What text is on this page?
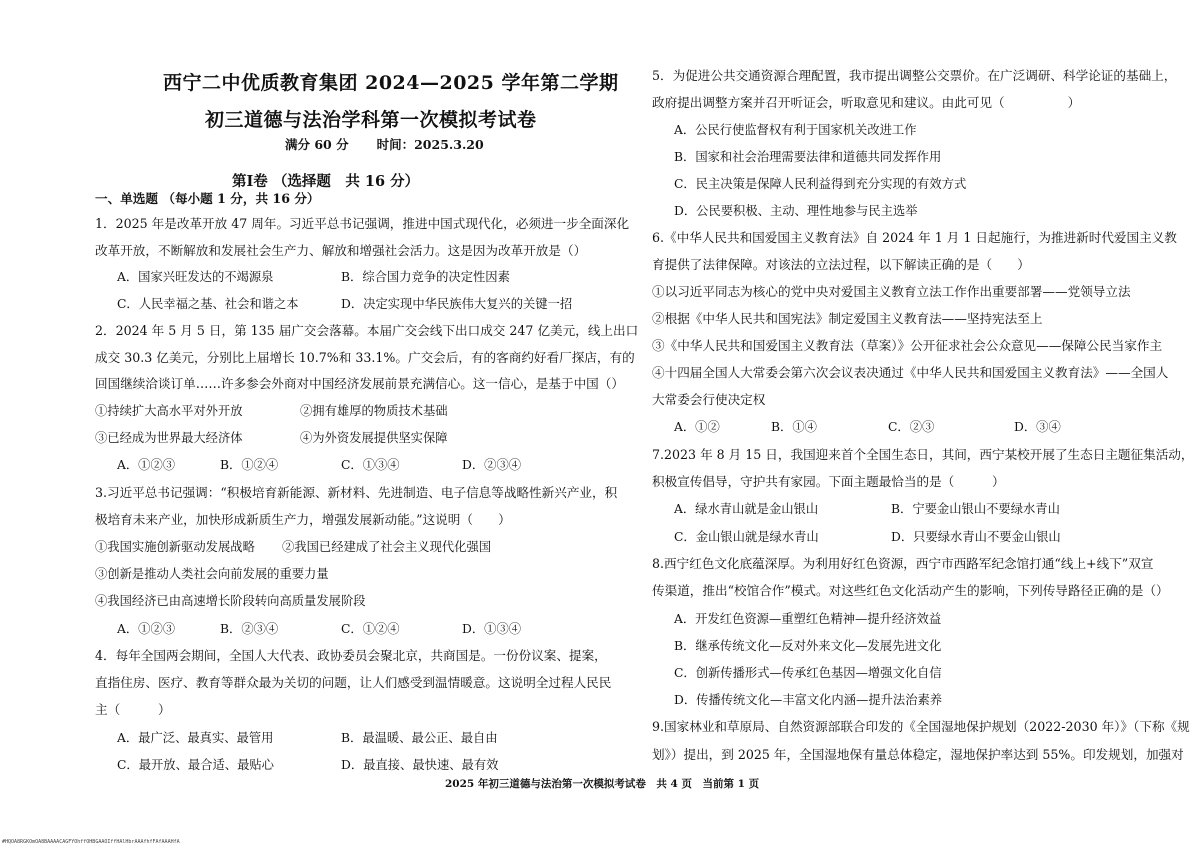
西宁二中优质教育集团 2024—2025 学年第二学期
初三道德与法治学科第一次模拟考试卷
满分 60 分 时间：2025.3.20
第Ⅰ卷 （选择题　共 16 分）
一、单选题 （每小题 1 分，共 16 分）
1．2025 年是改革开放 47 周年。习近平总书记强调，推进中国式现代化，必须进一步全面深化
改革开放，不断解放和发展社会生产力、解放和增强社会活力。这是因为改革开放是（）
A．国家兴旺发达的不竭源泉	B．综合国力竞争的决定性因素
C．人民幸福之基、社会和谐之本	D．决定实现中华民族伟大复兴的关键一招
2．2024 年 5 月 5 日，第 135 届广交会落幕。本届广交会线下出口成交 247 亿美元，线上出口
成交 30.3 亿美元，分别比上届增长 10.7%和 33.1%。广交会后，有的客商约好看厂探店，有的
回国继续洽谈订单……许多参会外商对中国经济发展前景充满信心。这一信心，是基于中国（）
①持续扩大高水平对外开放	②拥有雄厚的物质技术基础
③已经成为世界最大经济体	④为外资发展提供坚实保障
A．①②③	B．①②④	C．①③④	D．②③④
3.习近平总书记强调：“积极培育新能源、新材料、先进制造、电子信息等战略性新兴产业，积
极培育未来产业，加快形成新质生产力，增强发展新动能。”这说明（　　）
①我国实施创新驱动发展战略 ②我国已经建成了社会主义现代化强国
③创新是推动人类社会向前发展的重要力量
④我国经济已由高速增长阶段转向高质量发展阶段
A．①②③	B．②③④	C．①②④	D．①③④
4．每年全国两会期间，全国人大代表、政协委员会聚北京，共商国是。一份份议案、提案，
直指住房、医疗、教育等群众最为关切的问题，让人们感受到温情暖意。这说明全过程人民民
主（　　　）
A．最广泛、最真实、最管用	B．最温暖、最公正、最自由
C．最开放、最合适、最贴心	D．最直接、最快速、最有效
5．为促进公共交通资源合理配置，我市提出调整公交票价。在广泛调研、科学论证的基础上，
政府提出调整方案并召开听证会，听取意见和建议。由此可见（　　　　　）
A．公民行使监督权有利于国家机关改进工作
B．国家和社会治理需要法律和道德共同发挥作用
C．民主决策是保障人民利益得到充分实现的有效方式
D．公民要积极、主动、理性地参与民主选举
6.《中华人民共和国爱国主义教育法》自 2024 年 1 月 1 日起施行，为推进新时代爱国主义教
育提供了法律保障。对该法的立法过程，以下解读正确的是（　　）
①以习近平同志为核心的党中央对爱国主义教育立法工作作出重要部署——党领导立法
②根据《中华人民共和国宪法》制定爱国主义教育法——坚持宪法至上
③《中华人民共和国爱国主义教育法（草案）》公开征求社会公众意见——保障公民当家作主
④十四届全国人大常委会第六次会议表决通过《中华人民共和国爱国主义教育法》——全国人
大常委会行使决定权
A．①②	B．①④	C．②③	D．③④
7.2023 年 8 月 15 日，我国迎来首个全国生态日，其间，西宁某校开展了生态日主题征集活动，
积极宣传倡导，守护共有家园。下面主题最恰当的是（　　　）
A．绿水青山就是金山银山	B．宁要金山银山不要绿水青山
C．金山银山就是绿水青山	D．只要绿水青山不要金山银山
8.西宁红色文化底蕴深厚。为利用好红色资源，西宁市西路军纪念馆打通“线上+线下”双宣
传渠道，推出“校馆合作”模式。对这些红色文化活动产生的影响，下列传导路径正确的是（）
A．开发红色资源—重塑红色精神—提升经济效益
B．继承传统文化—反对外来文化—发展先进文化
C．创新传播形式—传承红色基因—增强文化自信
D．传播传统文化—丰富文化内涵—提升法治素养
9.国家林业和草原局、自然资源部联合印发的《全国湿地保护规划（2022-2030 年）》（下称《规
划》）提出，到 2025 年，全国湿地保有量总体稳定，湿地保护率达到 55%。印发规划，加强对
2025 年初三道德与法治第一次模拟考试卷　共 4 页　当前第 1 页
#HQOA8RGKOmOA8BAAAACAGFYOhffOHBGAAOIffHAlHbrAAAfhfFAfAAAHfA
